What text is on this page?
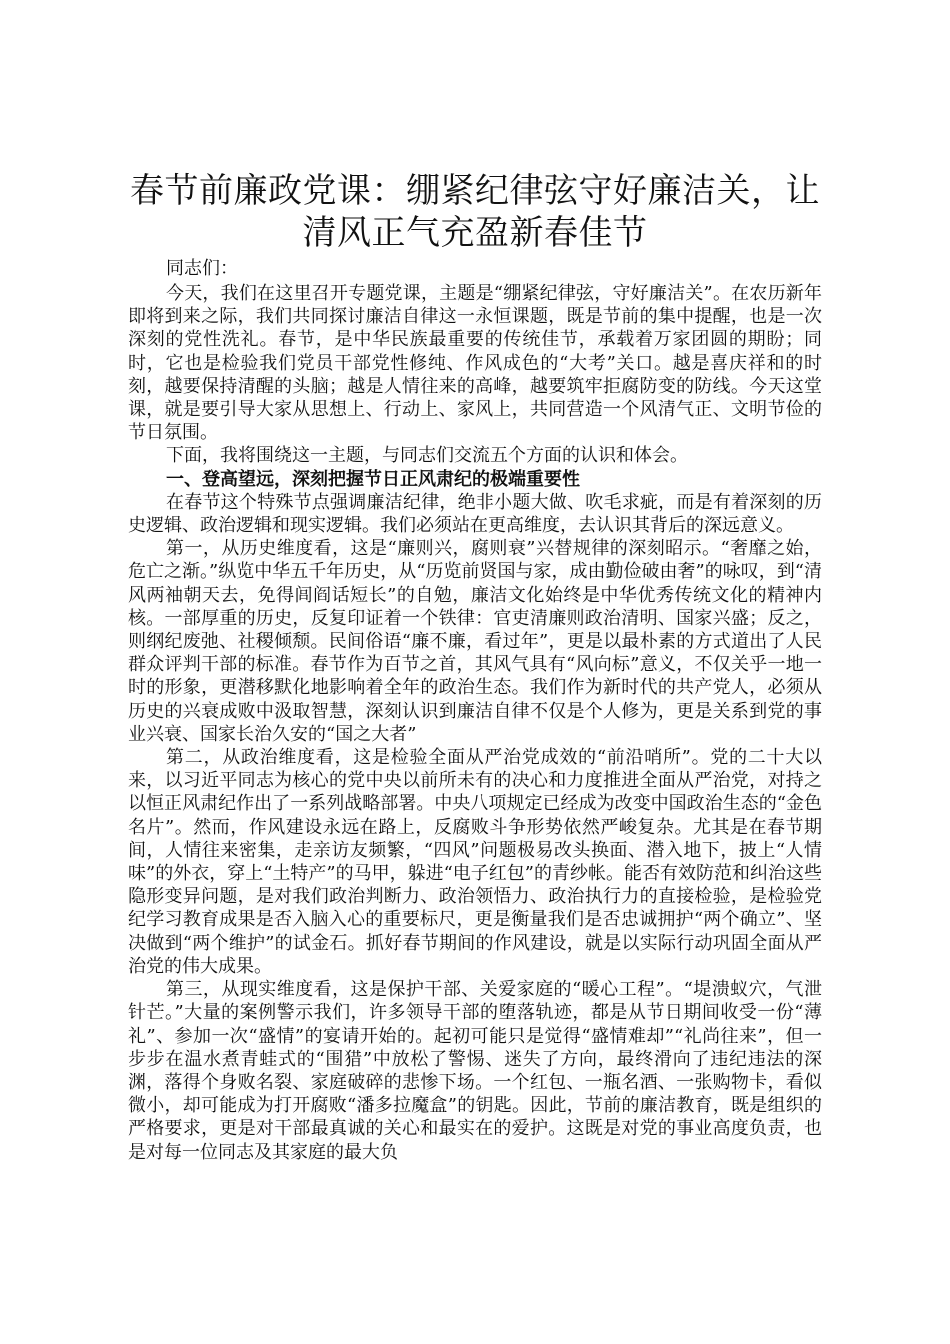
春节前廉政党课：绷紧纪律弦守好廉洁关，让清风正气充盈新春佳节

同志们：

今天，我们在这里召开专题党课，主题是“绷紧纪律弦，守好廉洁关”。在农历新年即将到来之际，我们共同探讨廉洁自律这一永恒课题，既是节前的集中提醒，也是一次深刻的党性洗礼。春节，是中华民族最重要的传统佳节，承载着万家团圆的期盼；同时，它也是检验我们党员干部党性修纯、作风成色的“大考”关口。越是喜庆祥和的时刻，越要保持清醒的头脑；越是人情往来的高峰，越要筑牢拒腐防变的防线。今天这堂课，就是要引导大家从思想上、行动上、家风上，共同营造一个风清气正、文明节俭的节日氛围。

下面，我将围绕这一主题，与同志们交流五个方面的认识和体会。

一、登高望远，深刻把握节日正风肃纪的极端重要性

在春节这个特殊节点强调廉洁纪律，绝非小题大做、吹毛求疵，而是有着深刻的历史逻辑、政治逻辑和现实逻辑。我们必须站在更高维度，去认识其背后的深远意义。

第一，从历史维度看，这是“廉则兴，腐则衰”兴替规律的深刻昭示。“奢靡之始，危亡之渐。”纵览中华五千年历史，从“历览前贤国与家，成由勤俭破由奢”的咏叹，到“清风两袖朝天去，免得闾阎话短长”的自勉，廉洁文化始终是中华优秀传统文化的精神内核。一部厚重的历史，反复印证着一个铁律：官吏清廉则政治清明、国家兴盛；反之，则纲纪废弛、社稷倾颓。民间俗语“廉不廉，看过年”，更是以最朴素的方式道出了人民群众评判干部的标准。春节作为百节之首，其风气具有“风向标”意义，不仅关乎一地一时的形象，更潜移默化地影响着全年的政治生态。我们作为新时代的共产党人，必须从历史的兴衰成败中汲取智慧，深刻认识到廉洁自律不仅是个人修为，更是关系到党的事业兴衰、国家长治久安的“国之大者”

第二，从政治维度看，这是检验全面从严治党成效的“前沿哨所”。党的二十大以来，以习近平同志为核心的党中央以前所未有的决心和力度推进全面从严治党，对持之以恒正风肃纪作出了一系列战略部署。中央八项规定已经成为改变中国政治生态的“金色名片”。然而，作风建设永远在路上，反腐败斗争形势依然严峻复杂。尤其是在春节期间，人情往来密集，走亲访友频繁，“四风”问题极易改头换面、潜入地下，披上“人情味”的外衣，穿上“土特产”的马甲，躲进“电子红包”的青纱帐。能否有效防范和纠治这些隐形变异问题，是对我们政治判断力、政治领悟力、政治执行力的直接检验，是检验党纪学习教育成果是否入脑入心的重要标尺，更是衡量我们是否忠诚拥护“两个确立”、坚决做到“两个维护”的试金石。抓好春节期间的作风建设，就是以实际行动巩固全面从严治党的伟大成果。

第三，从现实维度看，这是保护干部、关爱家庭的“暖心工程”。“堤溃蚁穴，气泄针芒。”大量的案例警示我们，许多领导干部的堕落轨迹，都是从节日期间收受一份“薄礼”、参加一次“盛情”的宴请开始的。起初可能只是觉得“盛情难却”“礼尚往来”，但一步步在温水煮青蛙式的“围猎”中放松了警惕、迷失了方向，最终滑向了违纪违法的深渊，落得个身败名裂、家庭破碎的悲惨下场。一个红包、一瓶名酒、一张购物卡，看似微小，却可能成为打开腐败“潘多拉魔盒”的钥匙。因此，节前的廉洁教育，既是组织的严格要求，更是对干部最真诚的关心和最实在的爱护。这既是对党的事业高度负责，也是对每一位同志及其家庭的最大负
